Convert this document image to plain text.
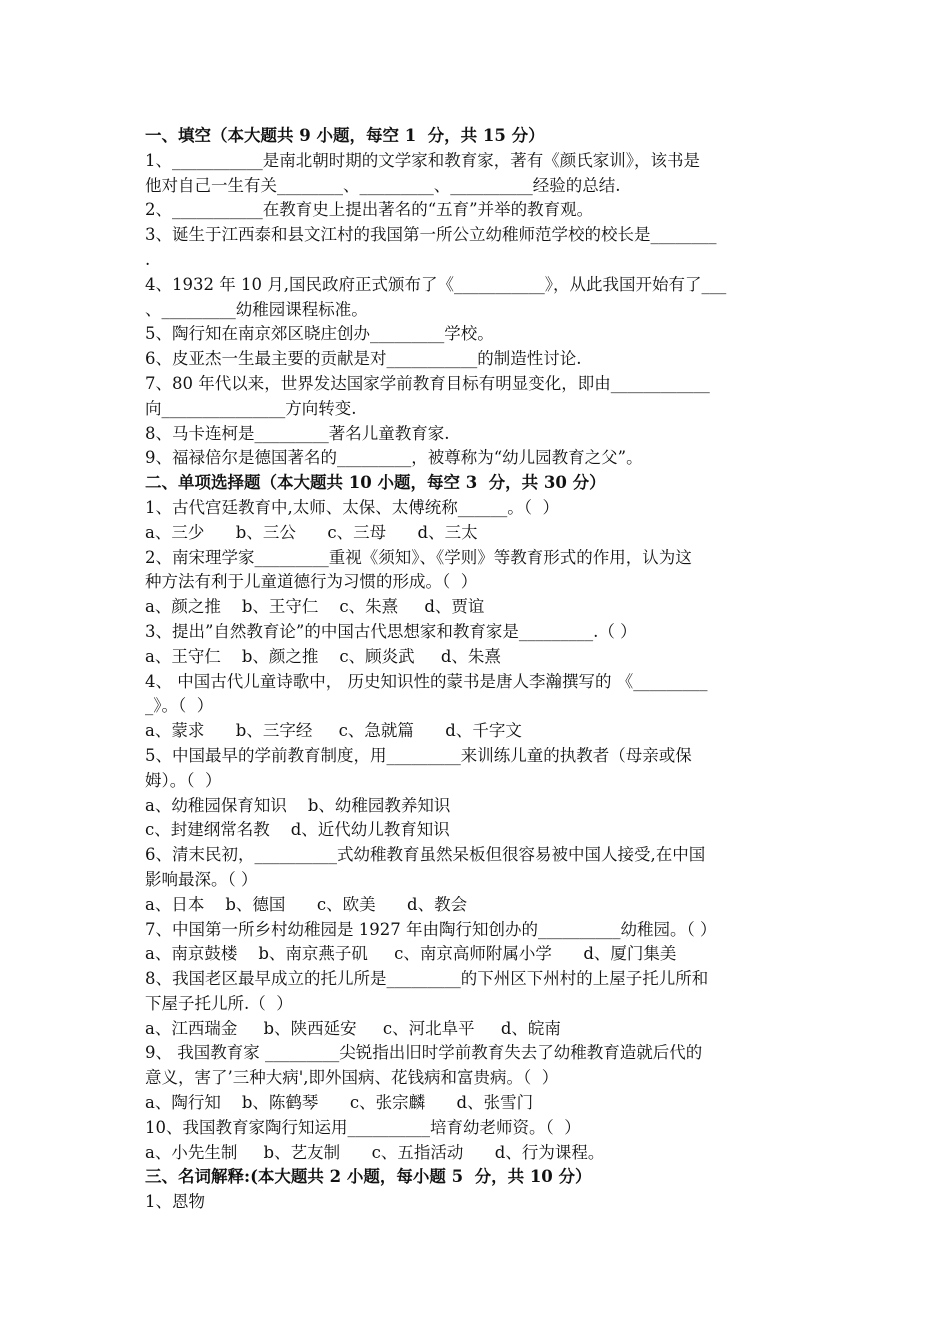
一、填空（本大题共 9 小题，每空 1  分，共 15 分）
1、___________是南北朝时期的文学家和教育家，著有《颜氏家训》，该书是
他对自己一生有关________、_________、__________经验的总结.
2、___________在教育史上提出著名的“五育”并举的教育观。
3、诞生于江西泰和县文江村的我国第一所公立幼稚师范学校的校长是________
.
4、1932 年 10 月,国民政府正式颁布了《___________》，从此我国开始有了___
、_________幼稚园课程标准。
5、陶行知在南京郊区晓庄创办_________学校。
6、皮亚杰一生最主要的贡献是对___________的制造性讨论.
7、80 年代以来，世界发达国家学前教育目标有明显变化，即由____________
向_______________方向转变.
8、马卡连柯是_________著名儿童教育家.
9、福禄倍尔是德国著名的_________，被尊称为“幼儿园教育之父”。
二、单项选择题（本大题共 10 小题，每空 3  分，共 30 分）
1、古代宫廷教育中,太师、太保、太傅统称______。（  ）
a、三少      b、三公      c、三母      d、三太
2、南宋理学家_________重视《须知》、《学则》等教育形式的作用，认为这
种方法有利于儿童道德行为习惯的形成。（  ）
a、颜之推    b、王守仁    c、朱熹     d、贾谊
3、提出”自然教育论”的中国古代思想家和教育家是_________.（ ）
a、王守仁    b、颜之推    c、顾炎武     d、朱熹
4、 中国古代儿童诗歌中， 历史知识性的蒙书是唐人李瀚撰写的 《_________
_》。（  ）
a、蒙求      b、三字经     c、急就篇      d、千字文
5、中国最早的学前教育制度，用_________来训练儿童的执教者（母亲或保
姆）。（  ）
a、幼稚园保育知识    b、幼稚园教养知识
c、封建纲常名教    d、近代幼儿教育知识
6、清末民初，__________式幼稚教育虽然呆板但很容易被中国人接受,在中国
影响最深。（ ）
a、日本    b、德国      c、欧美      d、教会
7、中国第一所乡村幼稚园是 1927 年由陶行知创办的__________幼稚园。（ ）
a、南京鼓楼    b、南京燕子矶     c、南京高师附属小学      d、厦门集美
8、我国老区最早成立的托儿所是_________的下州区下州村的上屋子托儿所和
下屋子托儿所.（  ）
a、江西瑞金     b、陕西延安     c、河北阜平     d、皖南
9、 我国教育家 _________尖锐指出旧时学前教育失去了幼稚教育造就后代的
意义，害了’三种大病',即外国病、花钱病和富贵病。（  ）
a、陶行知    b、陈鹤琴      c、张宗麟      d、张雪门
10、我国教育家陶行知运用__________培育幼老师资。（  ）
a、小先生制     b、艺友制      c、五指活动      d、行为课程。
三、名词解释:(本大题共 2 小题，每小题 5  分，共 10 分）
1、恩物
